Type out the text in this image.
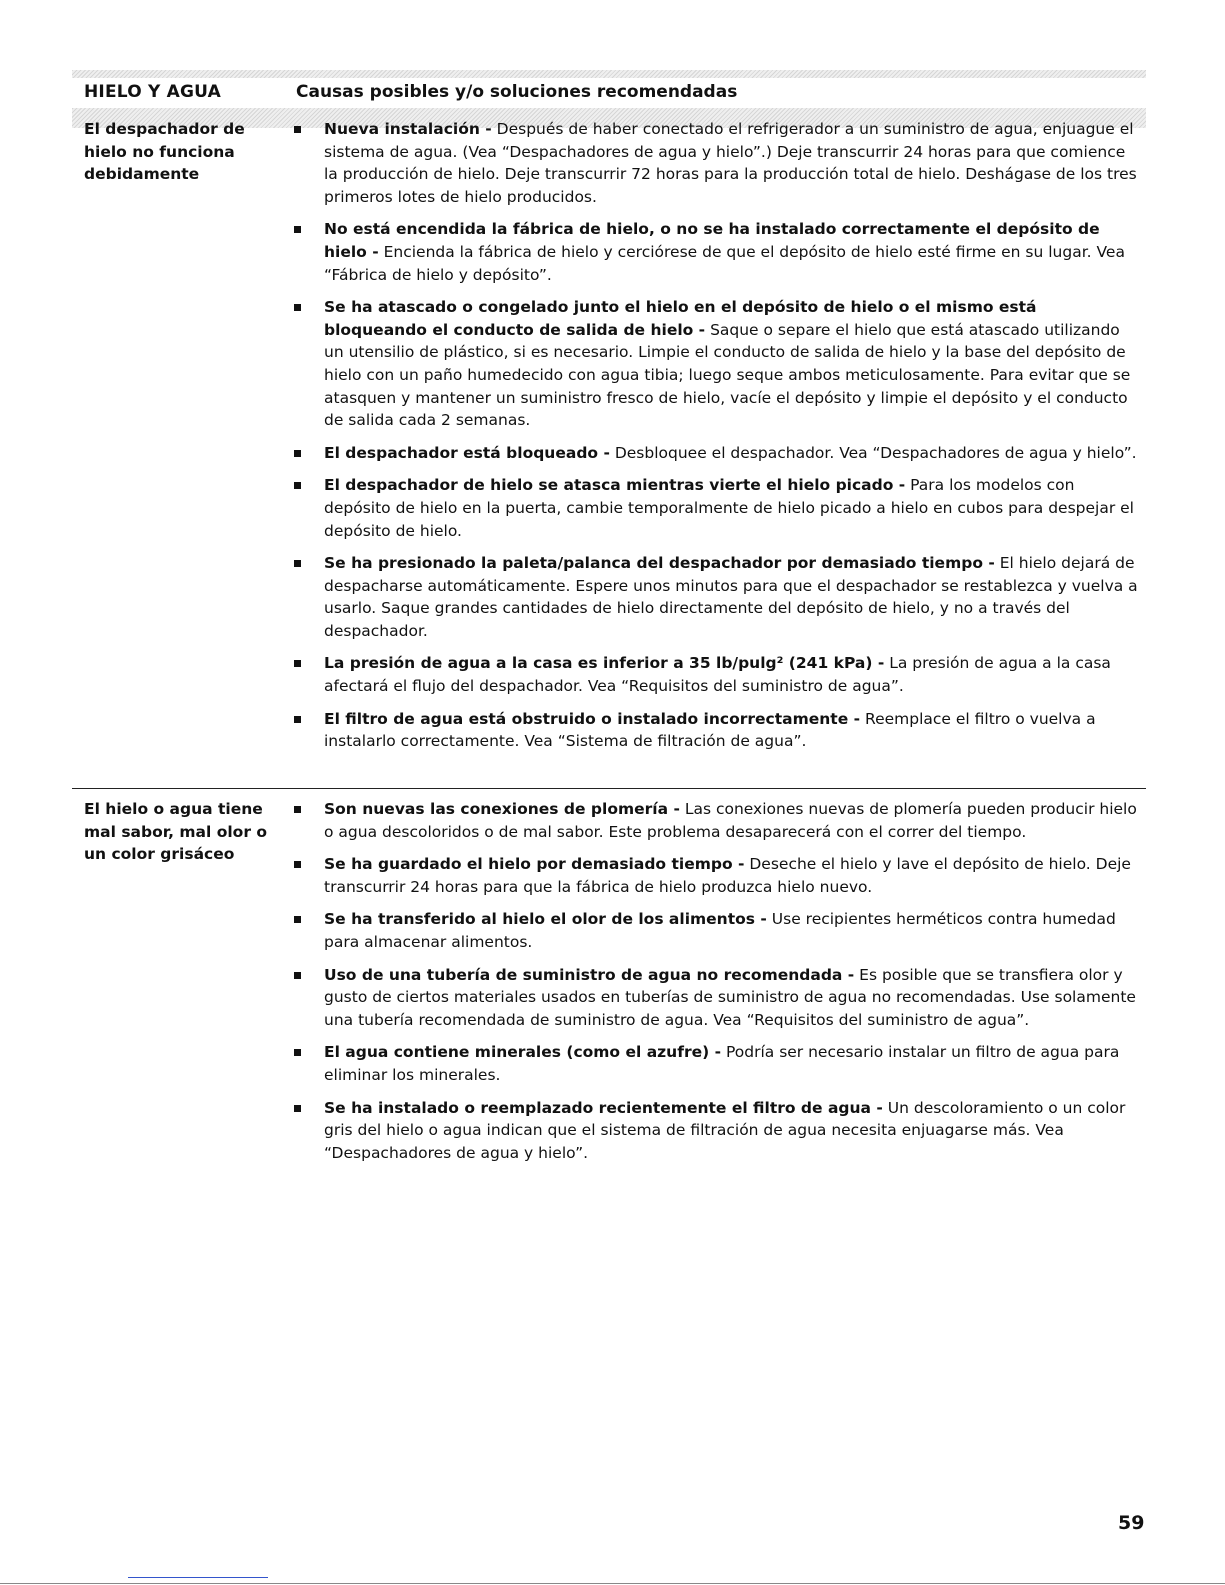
HIELO Y AGUA	Causas posibles y/o soluciones recomendadas
El despachador de hielo no funciona debidamente
Nueva instalación - Después de haber conectado el refrigerador a un suministro de agua, enjuague el sistema de agua. (Vea “Despachadores de agua y hielo”.) Deje transcurrir 24 horas para que comience la producción de hielo. Deje transcurrir 72 horas para la producción total de hielo. Deshágase de los tres primeros lotes de hielo producidos.
No está encendida la fábrica de hielo, o no se ha instalado correctamente el depósito de hielo - Encienda la fábrica de hielo y cerciórese de que el depósito de hielo esté firme en su lugar. Vea “Fábrica de hielo y depósito”.
Se ha atascado o congelado junto el hielo en el depósito de hielo o el mismo está bloqueando el conducto de salida de hielo - Saque o separe el hielo que está atascado utilizando un utensilio de plástico, si es necesario. Limpie el conducto de salida de hielo y la base del depósito de hielo con un paño humedecido con agua tibia; luego seque ambos meticulosamente. Para evitar que se atasquen y mantener un suministro fresco de hielo, vacíe el depósito y limpie el depósito y el conducto de salida cada 2 semanas.
El despachador está bloqueado - Desbloquee el despachador. Vea “Despachadores de agua y hielo”.
El despachador de hielo se atasca mientras vierte el hielo picado - Para los modelos con depósito de hielo en la puerta, cambie temporalmente de hielo picado a hielo en cubos para despejar el depósito de hielo.
Se ha presionado la paleta/palanca del despachador por demasiado tiempo - El hielo dejará de despacharse automáticamente. Espere unos minutos para que el despachador se restablezca y vuelva a usarlo. Saque grandes cantidades de hielo directamente del depósito de hielo, y no a través del despachador.
La presión de agua a la casa es inferior a 35 lb/pulg² (241 kPa) - La presión de agua a la casa afectará el flujo del despachador. Vea “Requisitos del suministro de agua”.
El filtro de agua está obstruido o instalado incorrectamente - Reemplace el filtro o vuelva a instalarlo correctamente. Vea “Sistema de filtración de agua”.
El hielo o agua tiene mal sabor, mal olor o un color grisáceo
Son nuevas las conexiones de plomería - Las conexiones nuevas de plomería pueden producir hielo o agua descoloridos o de mal sabor. Este problema desaparecerá con el correr del tiempo.
Se ha guardado el hielo por demasiado tiempo - Deseche el hielo y lave el depósito de hielo. Deje transcurrir 24 horas para que la fábrica de hielo produzca hielo nuevo.
Se ha transferido al hielo el olor de los alimentos - Use recipientes herméticos contra humedad para almacenar alimentos.
Uso de una tubería de suministro de agua no recomendada - Es posible que se transfiera olor y gusto de ciertos materiales usados en tuberías de suministro de agua no recomendadas. Use solamente una tubería recomendada de suministro de agua. Vea “Requisitos del suministro de agua”.
El agua contiene minerales (como el azufre) - Podría ser necesario instalar un filtro de agua para eliminar los minerales.
Se ha instalado o reemplazado recientemente el filtro de agua - Un descoloramiento o un color gris del hielo o agua indican que el sistema de filtración de agua necesita enjuagarse más. Vea “Despachadores de agua y hielo”.
59
